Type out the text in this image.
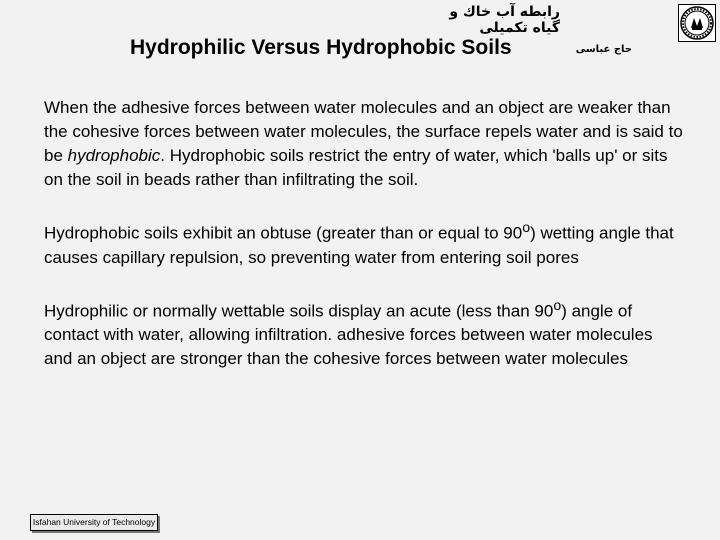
رابطه آب خاك و
گیاه تکمیلی
حاج عباسی
Hydrophilic Versus Hydrophobic Soils

When the adhesive forces between water molecules and an object are weaker than the cohesive forces between water molecules, the surface repels water and is said to be hydrophobic. Hydrophobic soils restrict the entry of water, which 'balls up' or sits on the soil in beads rather than infiltrating the soil.

Hydrophobic soils exhibit an obtuse (greater than or equal to 90$^o$) wetting angle that causes capillary repulsion, so preventing water from entering soil pores

Hydrophilic or normally wettable soils display an acute (less than 90$^o$) angle of contact with water, allowing infiltration. adhesive forces between water molecules and an object are stronger than the cohesive forces between water molecules

Isfahan University of Technology
